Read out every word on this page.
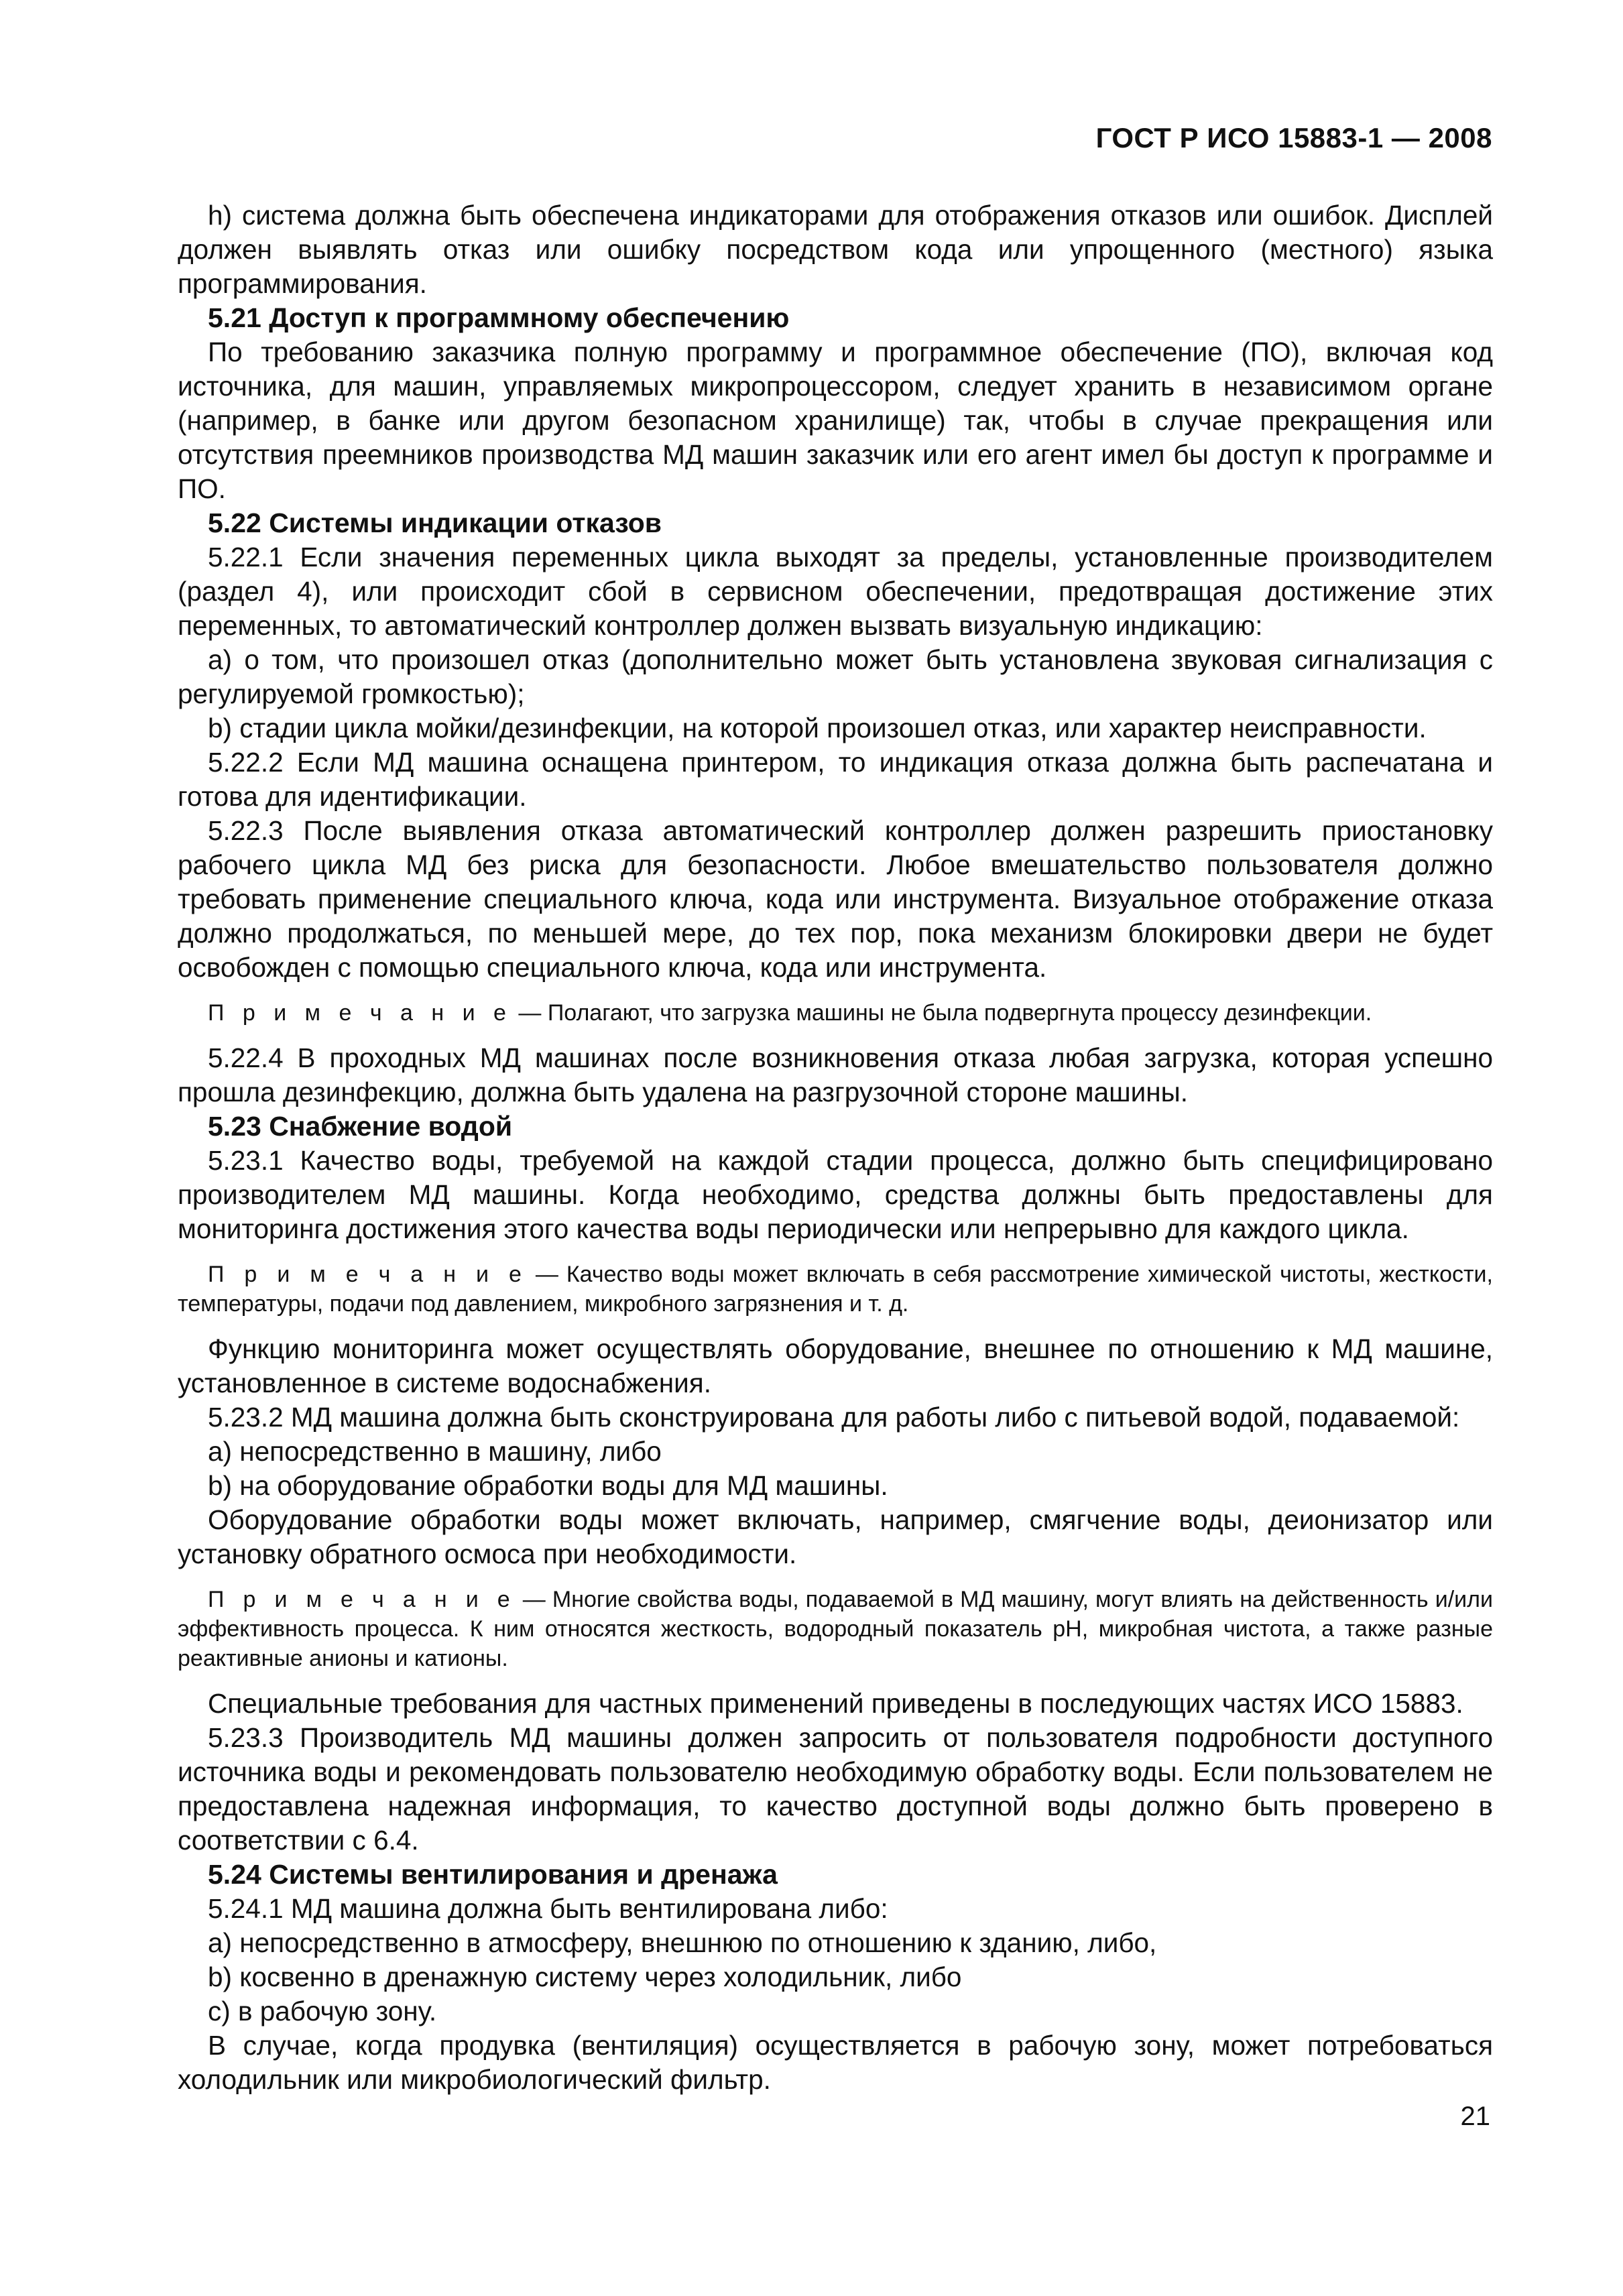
ГОСТ Р ИСО 15883-1 — 2008

h) система должна быть обеспечена индикаторами для отображения отказов или ошибок. Дисплей должен выявлять отказ или ошибку посредством кода или упрощенного (местного) языка программирования.

5.21 Доступ к программному обеспечению

По требованию заказчика полную программу и программное обеспечение (ПО), включая код источника, для машин, управляемых микропроцессором, следует хранить в независимом органе (например, в банке или другом безопасном хранилище) так, чтобы в случае прекращения или отсутствия преемников производства МД машин заказчик или его агент имел бы доступ к программе и ПО.

5.22 Системы индикации отказов

5.22.1 Если значения переменных цикла выходят за пределы, установленные производителем (раздел 4), или происходит сбой в сервисном обеспечении, предотвращая достижение этих переменных, то автоматический контроллер должен вызвать визуальную индикацию:

a) о том, что произошел отказ (дополнительно может быть установлена звуковая сигнализация с регулируемой громкостью);

b) стадии цикла мойки/дезинфекции, на которой произошел отказ, или характер неисправности.

5.22.2 Если МД машина оснащена принтером, то индикация отказа должна быть распечатана и готова для идентификации.

5.22.3 После выявления отказа автоматический контроллер должен разрешить приостановку рабочего цикла МД без риска для безопасности. Любое вмешательство пользователя должно требовать применение специального ключа, кода или инструмента. Визуальное отображение отказа должно продолжаться, по меньшей мере, до тех пор, пока механизм блокировки двери не будет освобожден с помощью специального ключа, кода или инструмента.

П р и м е ч а н и е — Полагают, что загрузка машины не была подвергнута процессу дезинфекции.

5.22.4 В проходных МД машинах после возникновения отказа любая загрузка, которая успешно прошла дезинфекцию, должна быть удалена на разгрузочной стороне машины.

5.23 Снабжение водой

5.23.1 Качество воды, требуемой на каждой стадии процесса, должно быть специфицировано производителем МД машины. Когда необходимо, средства должны быть предоставлены для мониторинга достижения этого качества воды периодически или непрерывно для каждого цикла.

П р и м е ч а н и е — Качество воды может включать в себя рассмотрение химической чистоты, жесткости, температуры, подачи под давлением, микробного загрязнения и т. д.

Функцию мониторинга может осуществлять оборудование, внешнее по отношению к МД машине, установленное в системе водоснабжения.

5.23.2 МД машина должна быть сконструирована для работы либо с питьевой водой, подаваемой:

a) непосредственно в машину, либо

b) на оборудование обработки воды для МД машины.

Оборудование обработки воды может включать, например, смягчение воды, деионизатор или установку обратного осмоса при необходимости.

П р и м е ч а н и е — Многие свойства воды, подаваемой в МД машину, могут влиять на действенность и/или эффективность процесса. К ним относятся жесткость, водородный показатель pH, микробная чистота, а также разные реактивные анионы и катионы.

Специальные требования для частных применений приведены в последующих частях ИСО 15883.

5.23.3 Производитель МД машины должен запросить от пользователя подробности доступного источника воды и рекомендовать пользователю необходимую обработку воды. Если пользователем не предоставлена надежная информация, то качество доступной воды должно быть проверено в соответствии с 6.4.

5.24 Системы вентилирования и дренажа

5.24.1 МД машина должна быть вентилирована либо:

a) непосредственно в атмосферу, внешнюю по отношению к зданию, либо,

b) косвенно в дренажную систему через холодильник, либо

c) в рабочую зону.

В случае, когда продувка (вентиляция) осуществляется в рабочую зону, может потребоваться холодильник или микробиологический фильтр.

21
